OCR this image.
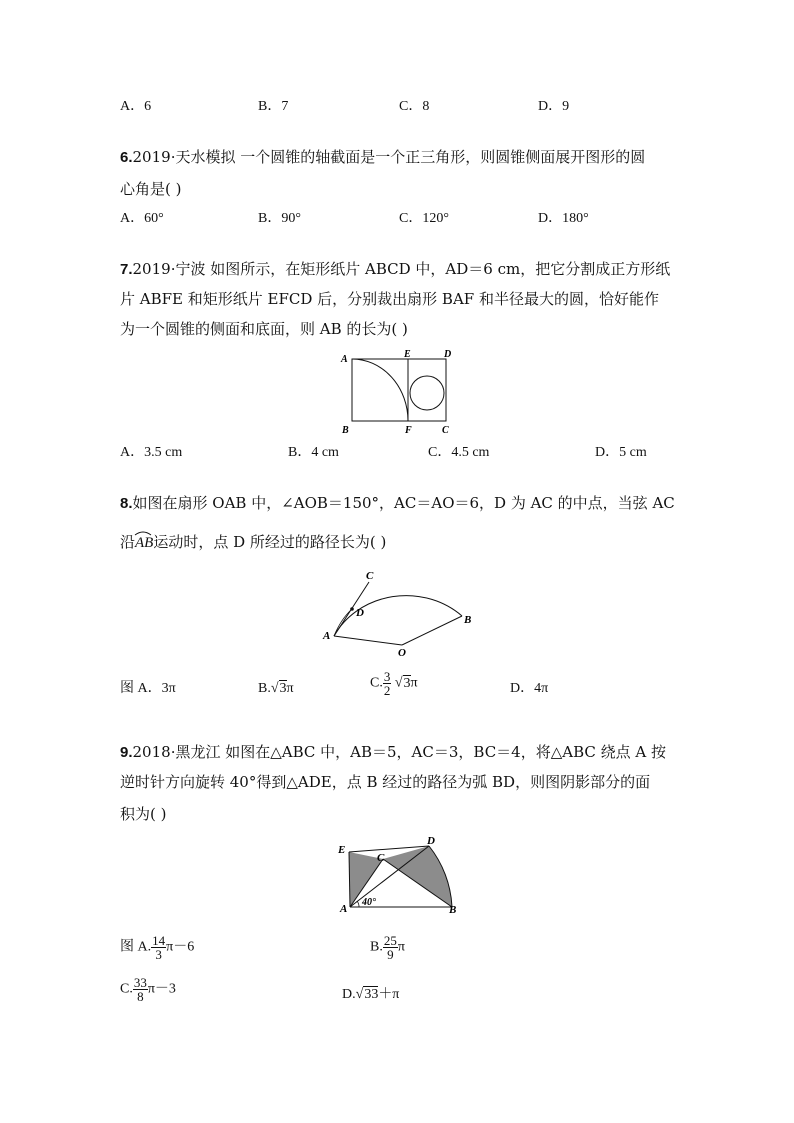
A．6	B．7	C．8	D．9
6.2019·天水模拟 一个圆锥的轴截面是一个正三角形，则圆锥侧面展开图形的圆
心角是( )
A．60°	B．90°	C．120°	D．180°
7.2019·宁波 如图所示，在矩形纸片 ABCD 中，AD＝6 cm，把它分割成正方形纸
片 ABFE 和矩形纸片 EFCD 后，分别裁出扇形 BAF 和半径最大的圆，恰好能作
为一个圆锥的侧面和底面，则 AB 的长为( )
A	E	D
B	F	C
A．3.5 cm	B．4 cm	C．4.5 cm	D．5 cm
8.如图在扇形 OAB 中，∠AOB＝150°，AC＝AO＝6，D 为 AC 的中点，当弦 AC
沿
AB运动时，点 D 所经过的路径长为( )
C
D
A
O
B
图 A．3π	B.√3π	C. $\frac{3}{2} √3\pi$	D．4π
9.2018·黑龙江 如图在△ABC 中，AB＝5，AC＝3，BC＝4，将△ABC 绕点 A 按
逆时针方向旋转 40°得到△ADE，点 B 经过的路径为弧 BD，则图阴影部分的面
积为( )
E
C
D
A	B
40°
图 A. $\frac{14}{3} \pi-6$	B. $\frac{25}{9}$ π
C. $\frac{33}{8} \pi-3$	D.√33＋π
